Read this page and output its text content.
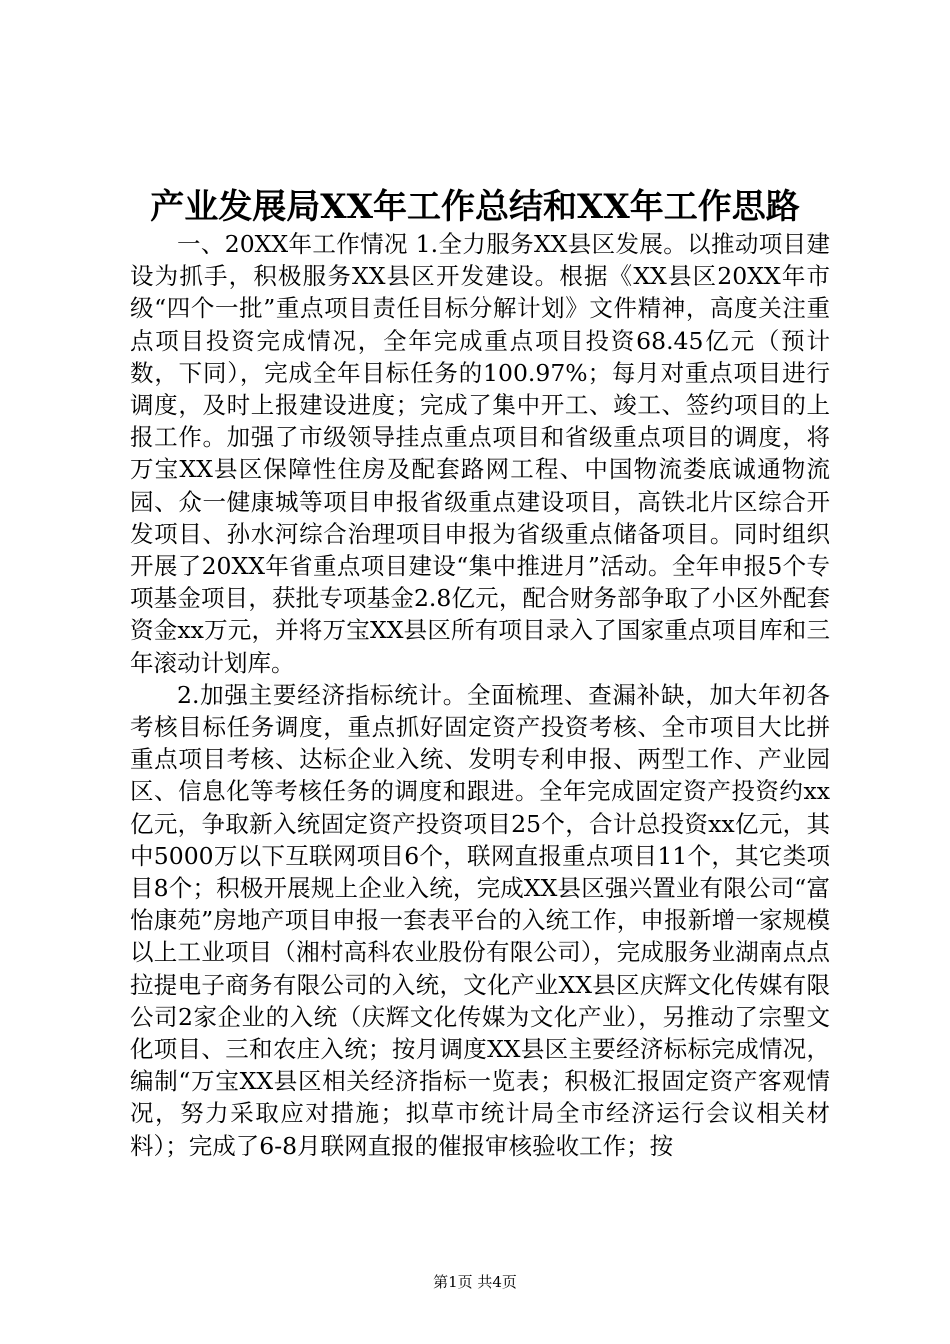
产业发展局XX年工作总结和XX年工作思路

一、20XX年工作情况 1.全力服务XX县区发展。以推动项目建设为抓手，积极服务XX县区开发建设。根据《XX县区20XX年市级“四个一批”重点项目责任目标分解计划》文件精神，高度关注重点项目投资完成情况，全年完成重点项目投资68.45亿元（预计数，下同），完成全年目标任务的100.97%；每月对重点项目进行调度，及时上报建设进度；完成了集中开工、竣工、签约项目的上报工作。加强了市级领导挂点重点项目和省级重点项目的调度，将万宝XX县区保障性住房及配套路网工程、中国物流娄底诚通物流园、众一健康城等项目申报省级重点建设项目，高铁北片区综合开发项目、孙水河综合治理项目申报为省级重点储备项目。同时组织开展了20XX年省重点项目建设“集中推进月”活动。全年申报5个专项基金项目，获批专项基金2.8亿元，配合财务部争取了小区外配套资金xx万元，并将万宝XX县区所有项目录入了国家重点项目库和三年滚动计划库。

2.加强主要经济指标统计。全面梳理、查漏补缺，加大年初各考核目标任务调度，重点抓好固定资产投资考核、全市项目大比拼重点项目考核、达标企业入统、发明专利申报、两型工作、产业园区、信息化等考核任务的调度和跟进。全年完成固定资产投资约xx亿元，争取新入统固定资产投资项目25个，合计总投资xx亿元，其中5000万以下互联网项目6个，联网直报重点项目11个，其它类项目8个；积极开展规上企业入统，完成XX县区强兴置业有限公司“富怡康苑”房地产项目申报一套表平台的入统工作，申报新增一家规模以上工业项目（湘村高科农业股份有限公司），完成服务业湖南点点拉提电子商务有限公司的入统，文化产业XX县区庆辉文化传媒有限公司2家企业的入统（庆辉文化传媒为文化产业），另推动了宗聖文化项目、三和农庄入统；按月调度XX县区主要经济标标完成情况，编制“万宝XX县区相关经济指标一览表；积极汇报固定资产客观情况，努力采取应对措施；拟草市统计局全市经济运行会议相关材料）；完成了6-8月联网直报的催报审核验收工作；按

第1页 共4页
